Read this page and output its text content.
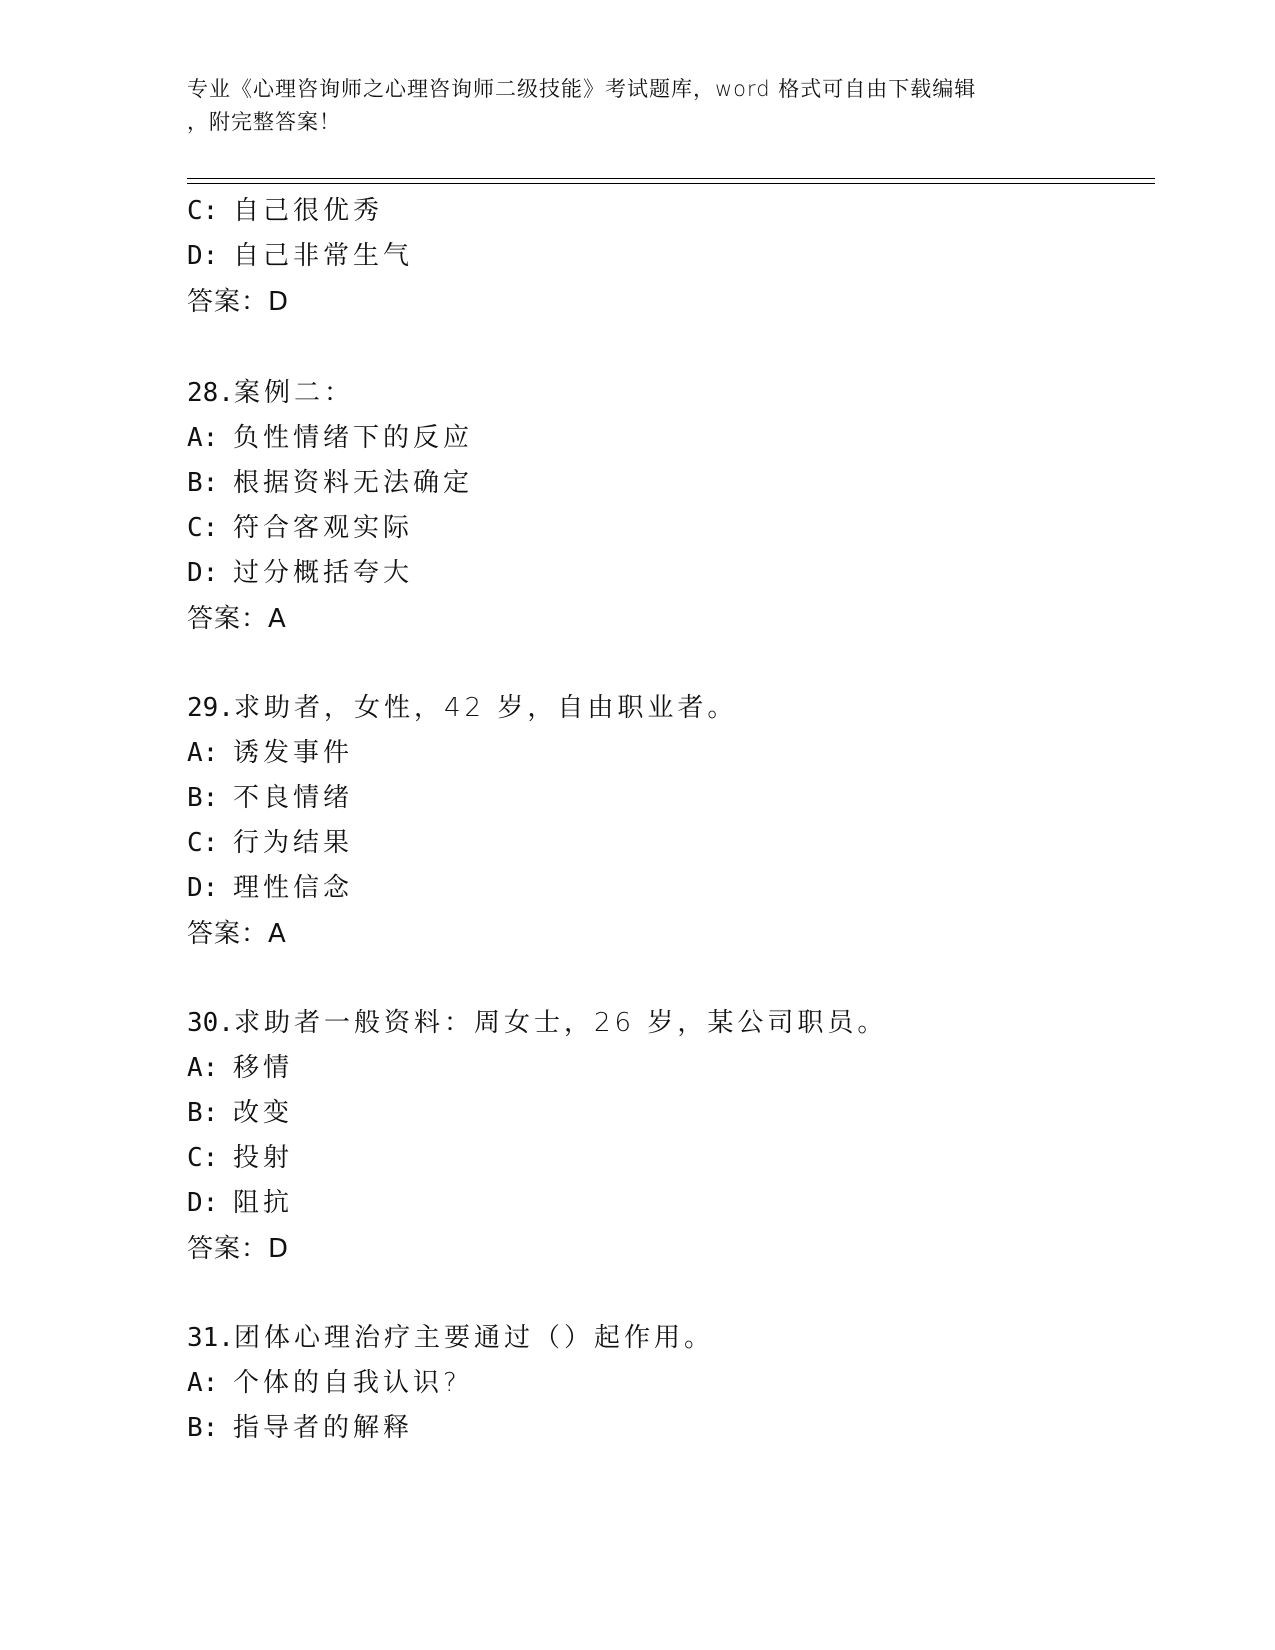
专业《心理咨询师之心理咨询师二级技能》考试题库，word 格式可自由下载编辑
，附完整答案！
C: 自己很优秀
D: 自己非常生气
答案：D
28.案例二：
A: 负性情绪下的反应
B: 根据资料无法确定
C: 符合客观实际
D: 过分概括夸大
答案：A
29.求助者，女性，42 岁，自由职业者。
A: 诱发事件
B: 不良情绪
C: 行为结果
D: 理性信念
答案：A
30.求助者一般资料：周女士，26 岁，某公司职员。
A: 移情
B: 改变
C: 投射
D: 阻抗
答案：D
31.团体心理治疗主要通过（）起作用。
A: 个体的自我认识?
B: 指导者的解释
